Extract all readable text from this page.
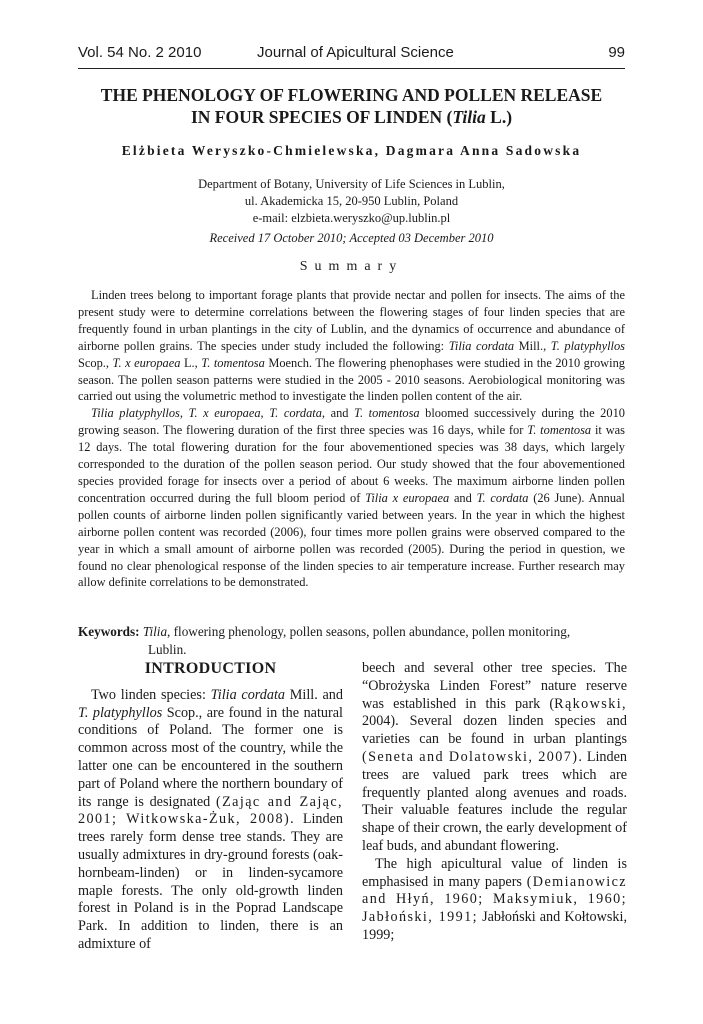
Vol. 54 No. 2 2010	Journal of Apicultural Science	99
THE PHENOLOGY OF FLOWERING AND POLLEN RELEASE
IN FOUR SPECIES OF LINDEN (Tilia L.)
Elżbieta Weryszko-Chmielewska, Dagmara Anna Sadowska
Department of Botany, University of Life Sciences in Lublin,
ul. Akademicka 15, 20-950 Lublin, Poland
e-mail: elzbieta.weryszko@up.lublin.pl
Received 17 October 2010; Accepted 03 December 2010
Summary

Linden trees belong to important forage plants that provide nectar and pollen for insects. The aims of the present study were to determine correlations between the flowering stages of four linden species that are frequently found in urban plantings in the city of Lublin, and the dynamics of occurrence and abundance of airborne pollen grains. The species under study included the following: Tilia cordata Mill., T. platyphyllos Scop., T. x europaea L., T. tomentosa Moench. The flowering phenophases were studied in the 2010 growing season. The pollen season patterns were studied in the 2005 - 2010 seasons. Aerobiological monitoring was carried out using the volumetric method to investigate the linden pollen content of the air.

Tilia platyphyllos, T. x europaea, T. cordata, and T. tomentosa bloomed successively during the 2010 growing season. The flowering duration of the first three species was 16 days, while for T. tomentosa it was 12 days. The total flowering duration for the four abovementioned species was 38 days, which largely corresponded to the duration of the pollen season period. Our study showed that the four abovementioned species provided forage for insects over a period of about 6 weeks. The maximum airborne linden pollen concentration occurred during the full bloom period of Tilia x europaea and T. cordata (26 June). Annual pollen counts of airborne linden pollen significantly varied between years. In the year in which the highest airborne pollen content was recorded (2006), four times more pollen grains were observed compared to the year in which a small amount of airborne pollen was recorded (2005). During the period in question, we found no clear phenological response of the linden species to air temperature increase. Further research may allow definite correlations to be demonstrated.

Keywords: Tilia, flowering phenology, pollen seasons, pollen abundance, pollen monitoring,
Lublin.
INTRODUCTION

Two linden species: Tilia cordata Mill. and T. platyphyllos Scop., are found in the natural conditions of Poland. The former one is common across most of the country, while the latter one can be encountered in the southern part of Poland where the northern boundary of its range is designated (Zając and Zając, 2001; Witkowska-Żuk, 2008). Linden trees rarely form dense tree stands. They are usually admixtures in dry-ground forests (oak-hornbeam-linden) or in linden-sycamore maple forests. The only old-growth linden forest in Poland is in the Poprad Landscape Park. In addition to linden, there is an admixture of

beech and several other tree species. The “Obrożyska Linden Forest” nature reserve was established in this park (Rąkowski, 2004). Several dozen linden species and varieties can be found in urban plantings (Seneta and Dolatowski, 2007). Linden trees are valued park trees which are frequently planted along avenues and roads. Their valuable features include the regular shape of their crown, the early development of leaf buds, and abundant flowering.

The high apicultural value of linden is emphasised in many papers (Demianowicz and Hłyń, 1960; Maksymiuk, 1960; Jabłoński, 1991; Jabłoński and Kołtowski, 1999;
